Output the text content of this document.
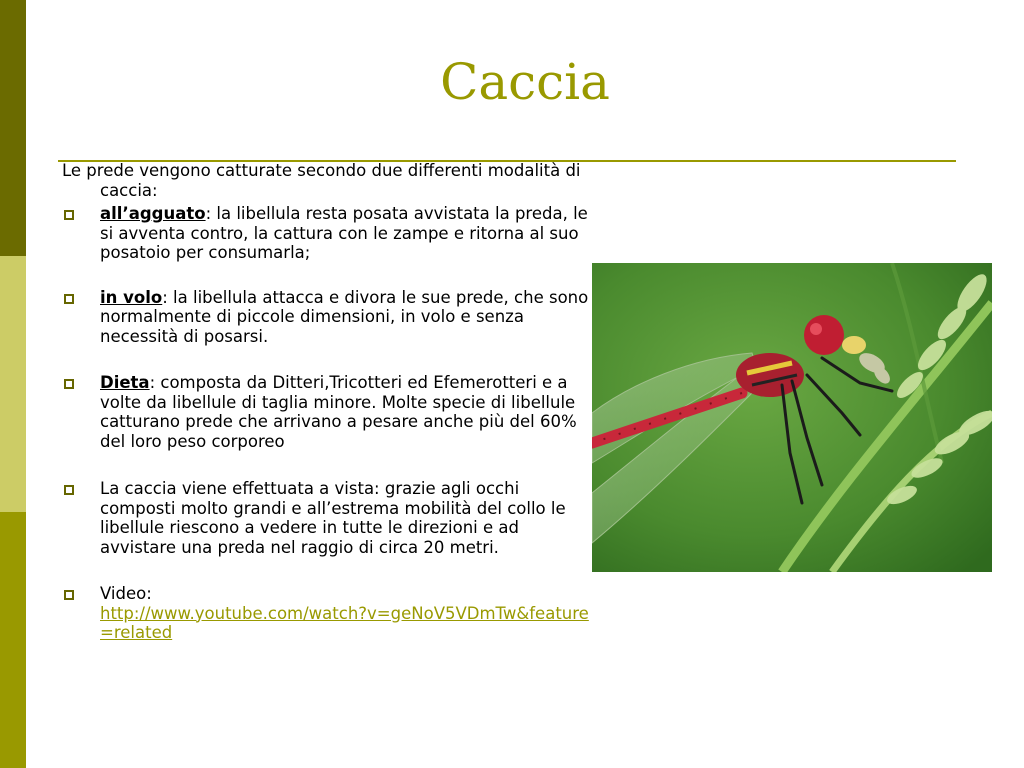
Caccia

Le prede vengono catturate secondo due differenti modalità di caccia:

all’agguato: la libellula resta posata avvistata la preda, le si avventa contro, la cattura con le zampe e ritorna al suo posatoio per consumarla;
in volo: la libellula attacca e divora le sue prede, che sono normalmente di piccole dimensioni, in volo e senza necessità di posarsi.
Dieta: composta da Ditteri,Tricotteri ed Efemerotteri e a volte da libellule di taglia minore. Molte specie di libellule catturano prede che arrivano a pesare anche più del 60% del loro peso corporeo
La caccia viene effettuata a vista: grazie agli occhi composti molto grandi e all’estrema mobilità del collo le libellule riescono a vedere in tutte le direzioni e ad avvistare una preda nel raggio di circa 20 metri.
Video:
http://www.youtube.com/watch?v=geNoV5VDmTw&feature=related
